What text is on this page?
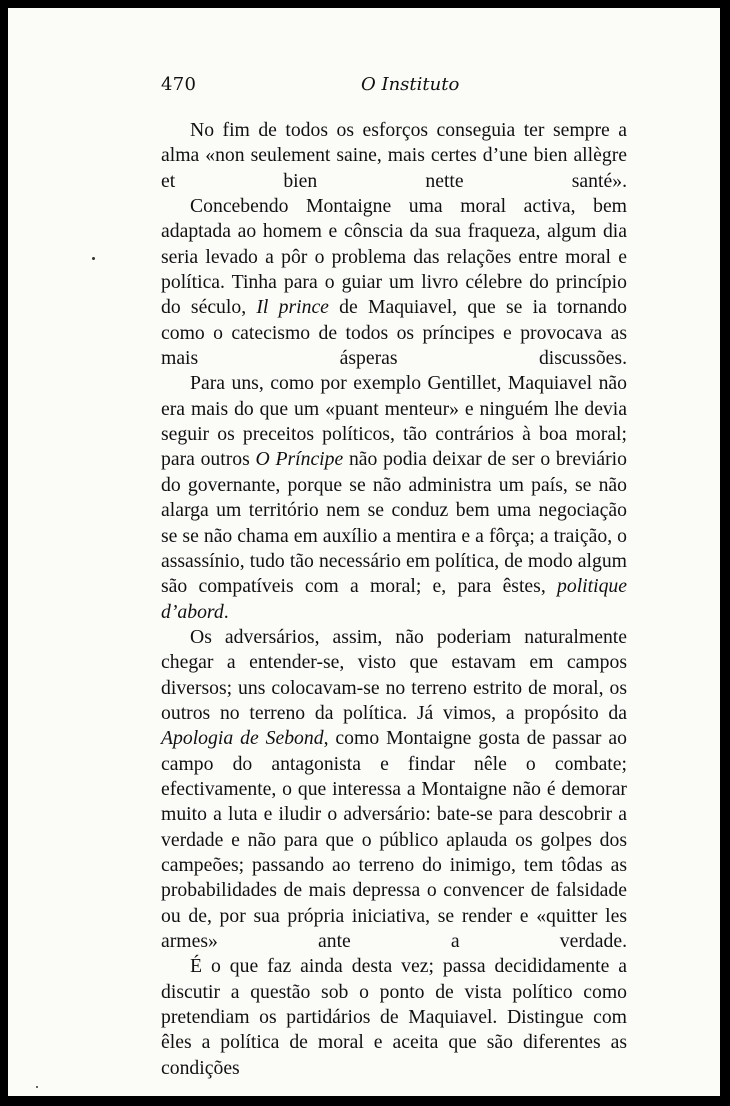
470	O Instituto

No fim de todos os esforços conseguia ter sempre a alma «non seulement saine, mais certes d’une bien allègre et bien nette santé».

Concebendo Montaigne uma moral activa, bem adaptada ao homem e cônscia da sua fraqueza, algum dia seria levado a pôr o problema das relações entre moral e política. Tinha para o guiar um livro célebre do princípio do século, Il prince de Maquiavel, que se ia tornando como o catecismo de todos os príncipes e provocava as mais ásperas discussões.

Para uns, como por exemplo Gentillet, Maquiavel não era mais do que um «puant menteur» e ninguém lhe devia seguir os preceitos políticos, tão contrários à boa moral; para outros O Príncipe não podia deixar de ser o breviário do governante, porque se não administra um país, se não alarga um território nem se conduz bem uma negociação se se não chama em auxílio a mentira e a fôrça; a traição, o assassínio, tudo tão necessário em política, de modo algum são compatíveis com a moral; e, para êstes, politique d’abord.

Os adversários, assim, não poderiam naturalmente chegar a entender-se, visto que estavam em campos diversos; uns colocavam-se no terreno estrito de moral, os outros no terreno da política. Já vimos, a propósito da Apologia de Sebond, como Montaigne gosta de passar ao campo do antagonista e findar nêle o combate; efectivamente, o que interessa a Montaigne não é demorar muito a luta e iludir o adversário: bate-se para descobrir a verdade e não para que o público aplauda os golpes dos campeões; passando ao terreno do inimigo, tem tôdas as probabilidades de mais depressa o convencer de falsidade ou de, por sua própria iniciativa, se render e «quitter les armes» ante a verdade.

É o que faz ainda desta vez; passa decididamente a discutir a questão sob o ponto de vista político como pretendiam os partidários de Maquiavel. Distingue com êles a política de moral e aceita que são diferentes as condições
